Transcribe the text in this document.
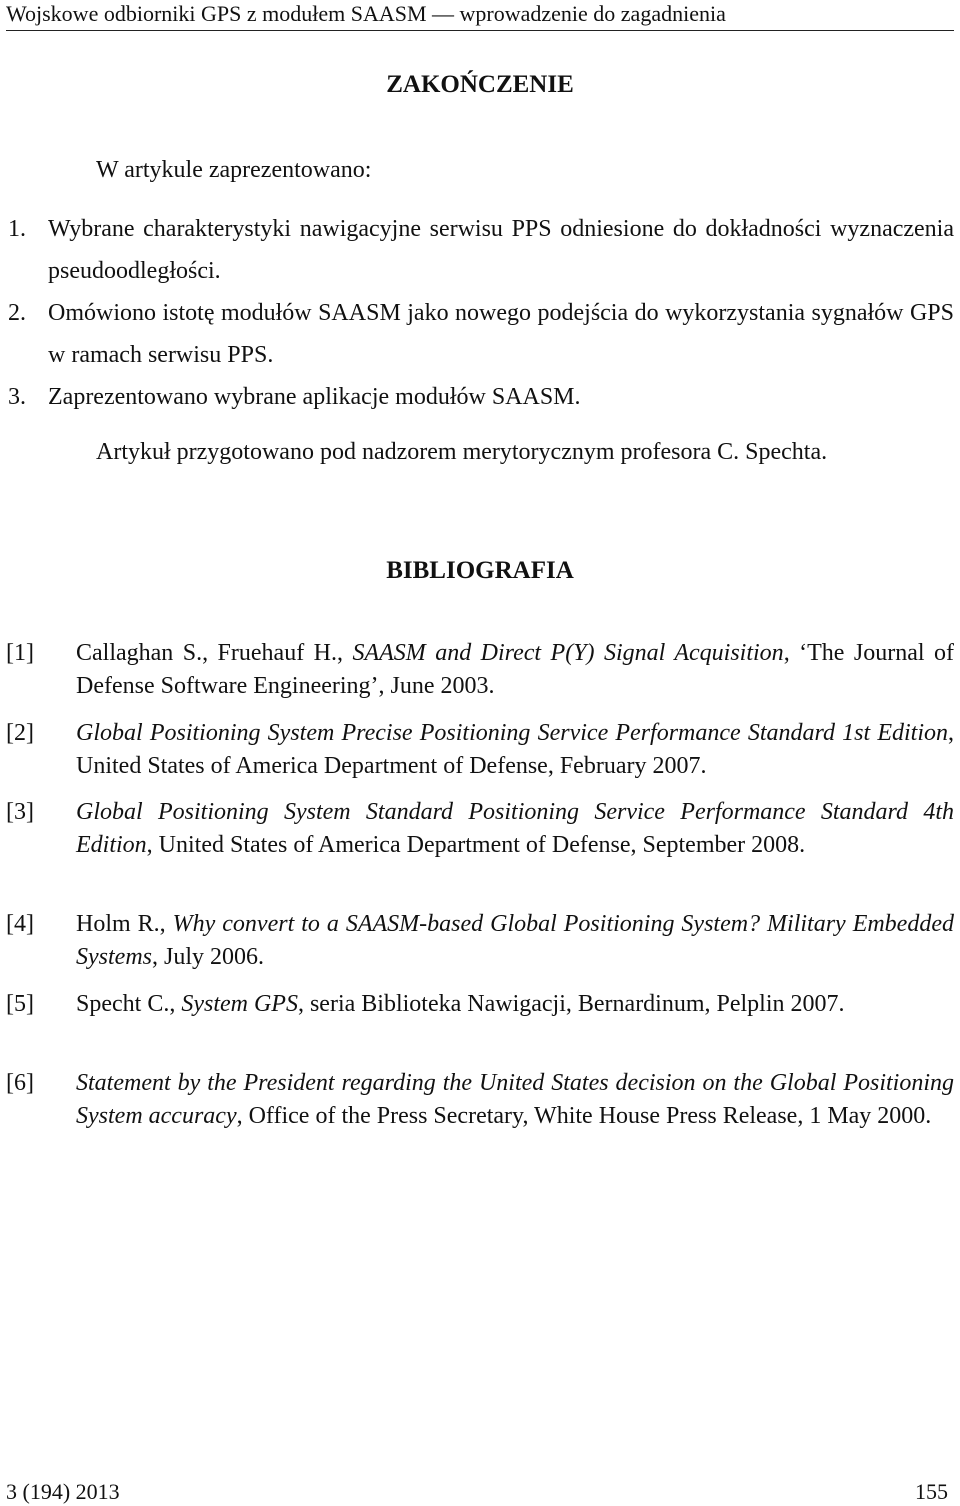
Wojskowe odbiorniki GPS z modułem SAASM — wprowadzenie do zagadnienia
ZAKOŃCZENIE
W artykule zaprezentowano:
1. Wybrane charakterystyki nawigacyjne serwisu PPS odniesione do dokładności wyznaczenia pseudoodległości.
2. Omówiono istotę modułów SAASM jako nowego podejścia do wykorzystania sygnałów GPS w ramach serwisu PPS.
3. Zaprezentowano wybrane aplikacje modułów SAASM.
Artykuł przygotowano pod nadzorem merytorycznym profesora C. Spechta.
BIBLIOGRAFIA
[1]	Callaghan S., Fruehauf H., SAASM and Direct P(Y) Signal Acquisition, ‘The Journal of Defense Software Engineering’, June 2003.
[2]	Global Positioning System Precise Positioning Service Performance Standard 1st Edition, United States of America Department of Defense, February 2007.
[3]	Global Positioning System Standard Positioning Service Performance Standard 4th Edition, United States of America Department of Defense, September 2008.
[4]	Holm R., Why convert to a SAASM-based Global Positioning System? Military Embedded Systems, July 2006.
[5]	Specht C., System GPS, seria Biblioteka Nawigacji, Bernardinum, Pelplin 2007.
[6]	Statement by the President regarding the United States decision on the Global Positioning System accuracy, Office of the Press Secretary, White House Press Release, 1 May 2000.
3 (194) 2013	155
